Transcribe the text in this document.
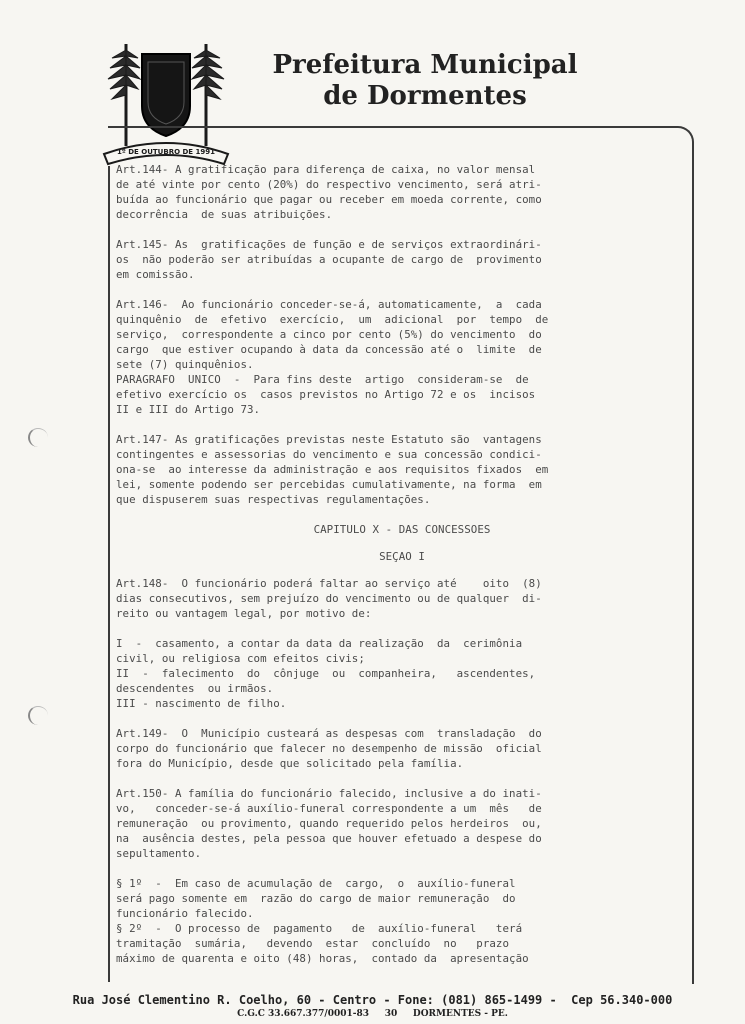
1º DE OUTUBRO DE 1991
Prefeitura Municipal
de Dormentes
Art.144- A gratificação para diferença de caixa, no valor mensal
de até vinte por cento (20%) do respectivo vencimento, será atri-
buída ao funcionário que pagar ou receber em moeda corrente, como
decorrência  de suas atribuições.
Art.145- As  gratificações de função e de serviços extraordinári-
os  não poderão ser atribuídas a ocupante de cargo de  provimento
em comissão.
Art.146-  Ao funcionário conceder-se-á, automaticamente,  a  cada
quinquênio  de  efetivo  exercício,  um  adicional  por  tempo  de
serviço,  correspondente a cinco por cento (5%) do vencimento  do
cargo  que estiver ocupando à data da concessão até o  limite  de
sete (7) quinquênios.
PARAGRAFO  UNICO  -  Para fins deste  artigo  consideram-se  de
efetivo exercício os  casos previstos no Artigo 72 e os  incisos
II e III do Artigo 73.
Art.147- As gratificações previstas neste Estatuto são  vantagens
contingentes e assessorias do vencimento e sua concessão condici-
ona-se  ao interesse da administração e aos requisitos fixados  em
lei, somente podendo ser percebidas cumulativamente, na forma  em
que dispuserem suas respectivas regulamentações.
CAPITULO X - DAS CONCESSOES
SEÇAO I
Art.148-  O funcionário poderá faltar ao serviço até    oito  (8)
dias consecutivos, sem prejuízo do vencimento ou de qualquer  di-
reito ou vantagem legal, por motivo de:
I  -  casamento, a contar da data da realização  da  cerimônia
civil, ou religiosa com efeitos civis;
II  -  falecimento  do  cônjuge  ou  companheira,   ascendentes,
descendentes  ou irmãos.
III - nascimento de filho.
Art.149-  O  Município custeará as despesas com  transladação  do
corpo do funcionário que falecer no desempenho de missão  oficial
fora do Município, desde que solicitado pela família.
Art.150- A família do funcionário falecido, inclusive a do inati-
vo,   conceder-se-á auxílio-funeral correspondente a um  mês   de
remuneração  ou provimento, quando requerido pelos herdeiros  ou,
na  ausência destes, pela pessoa que houver efetuado a despese do
sepultamento.
§ 1º  -  Em caso de acumulação de  cargo,  o  auxílio-funeral
será pago somente em  razão do cargo de maior remuneração  do
funcionário falecido.
§ 2º  -  O processo de  pagamento   de  auxílio-funeral   terá
tramitação  sumária,   devendo  estar  concluído  no   prazo
máximo de quarenta e oito (48) horas,  contado da  apresentação
Rua José Clementino R. Coelho, 60 - Centro - Fone: (081) 865-1499 -  Cep 56.340-000
C.G.C 33.667.377/0001-83 30 DORMENTES - PE.
